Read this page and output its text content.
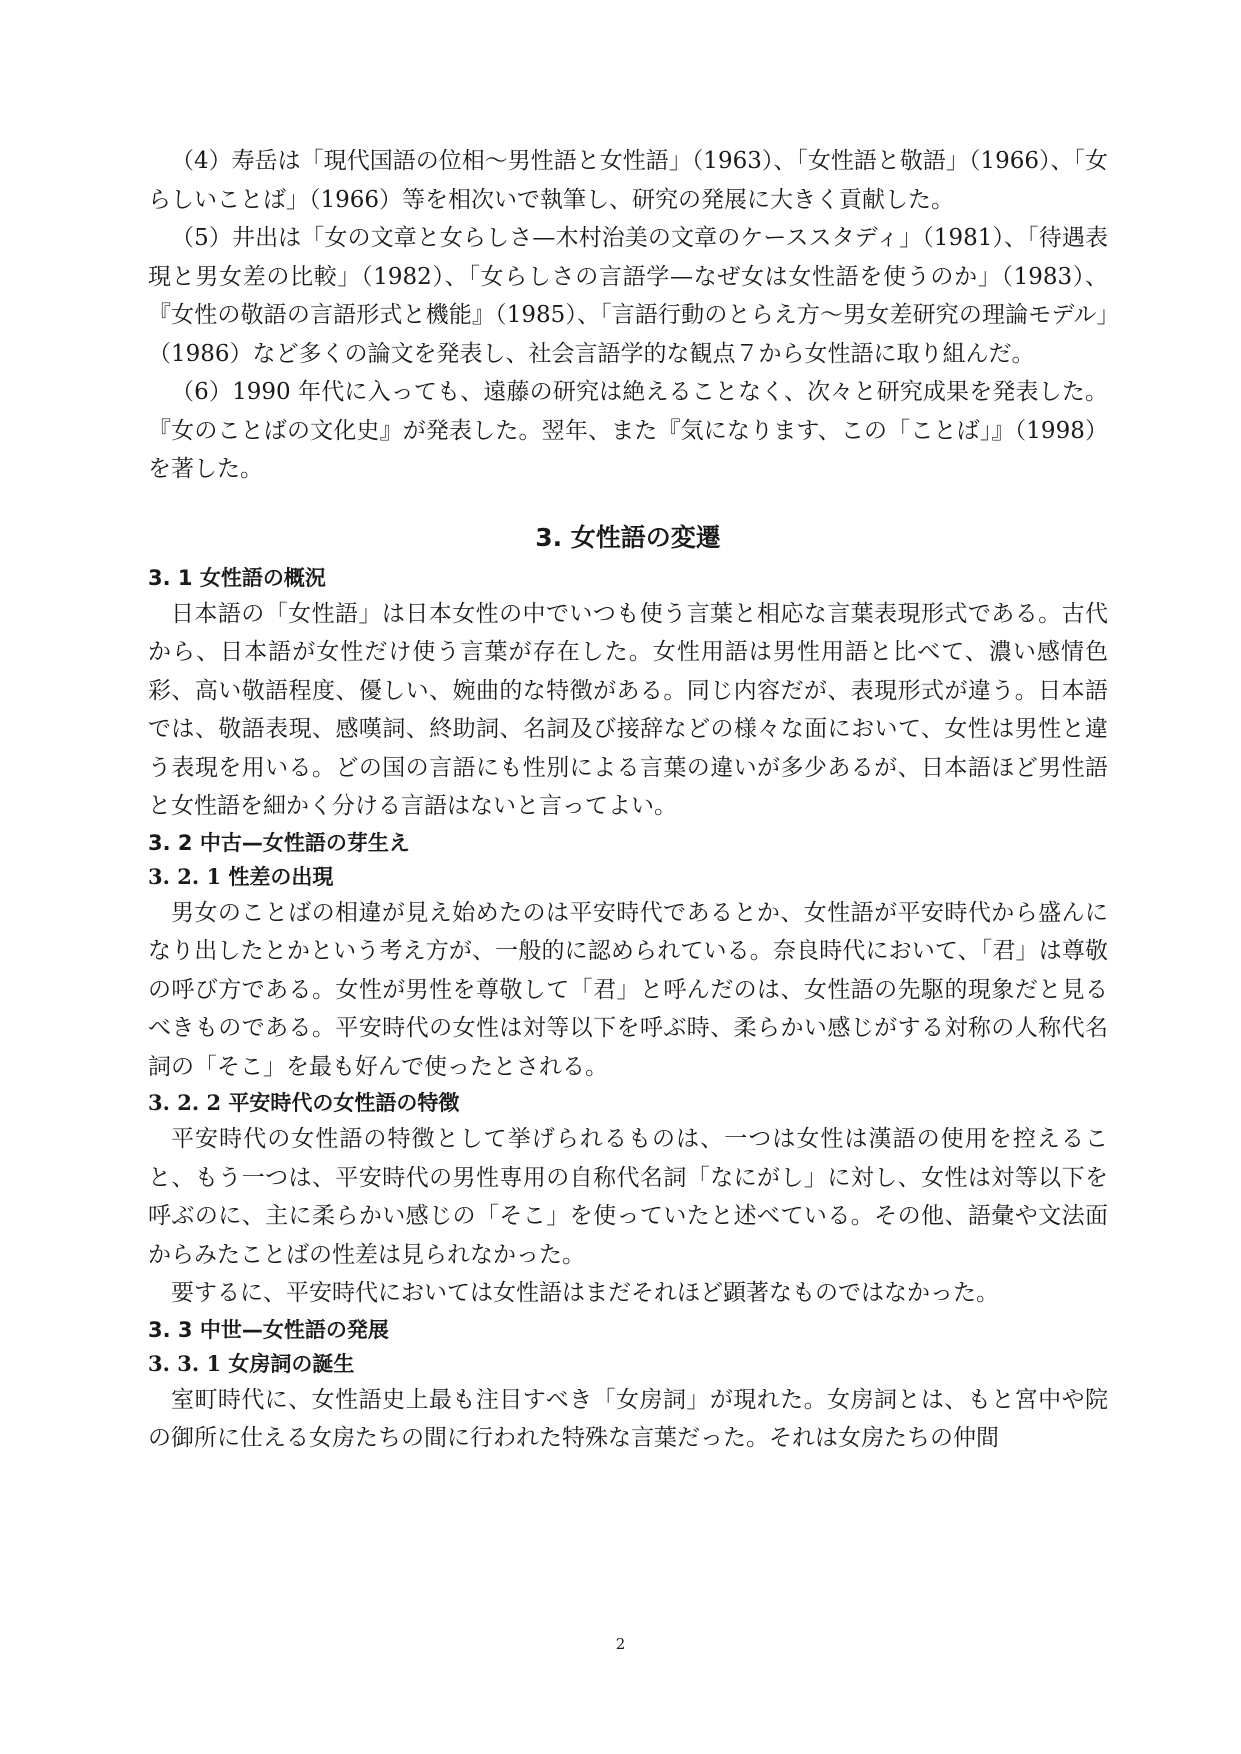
（4）寿岳は「現代国語の位相～男性語と女性語」（1963）、「女性語と敬語」（1966）、「女らしいことば」（1966）等を相次いで執筆し、研究の発展に大きく貢献した。

（5）井出は「女の文章と女らしさ—木村治美の文章のケーススタディ」（1981）、「待遇表現と男女差の比較」（1982）、「女らしさの言語学—なぜ女は女性語を使うのか」（1983）、『女性の敬語の言語形式と機能』（1985）、「言語行動のとらえ方～男女差研究の理論モデル」（1986）など多くの論文を発表し、社会言語学的な観点７から女性語に取り組んだ。

（6）1990 年代に入っても、遠藤の研究は絶えることなく、次々と研究成果を発表した。『女のことばの文化史』が発表した。翌年、また『気になります、この「ことば」』（1998）を著した。

3. 女性語の変遷
3. 1 女性語の概況

日本語の「女性語」は日本女性の中でいつも使う言葉と相応な言葉表現形式である。古代から、日本語が女性だけ使う言葉が存在した。女性用語は男性用語と比べて、濃い感情色彩、高い敬語程度、優しい、婉曲的な特徴がある。同じ内容だが、表現形式が違う。日本語では、敬語表現、感嘆詞、終助詞、名詞及び接辞などの様々な面において、女性は男性と違う表現を用いる。どの国の言語にも性別による言葉の違いが多少あるが、日本語ほど男性語と女性語を細かく分ける言語はないと言ってよい。

3. 2 中古—女性語の芽生え
3. 2. 1 性差の出現

男女のことばの相違が見え始めたのは平安時代であるとか、女性語が平安時代から盛んになり出したとかという考え方が、一般的に認められている。奈良時代において、「君」は尊敬の呼び方である。女性が男性を尊敬して「君」と呼んだのは、女性語の先駆的現象だと見るべきものである。平安時代の女性は対等以下を呼ぶ時、柔らかい感じがする対称の人称代名詞の「そこ」を最も好んで使ったとされる。

3. 2. 2 平安時代の女性語の特徴

平安時代の女性語の特徴として挙げられるものは、一つは女性は漢語の使用を控えること、もう一つは、平安時代の男性専用の自称代名詞「なにがし」に対し、女性は対等以下を呼ぶのに、主に柔らかい感じの「そこ」を使っていたと述べている。その他、語彙や文法面からみたことばの性差は見られなかった。

要するに、平安時代においては女性語はまだそれほど顕著なものではなかった。

3. 3 中世—女性語の発展
3. 3. 1 女房詞の誕生

室町時代に、女性語史上最も注目すべき「女房詞」が現れた。女房詞とは、もと宮中や院の御所に仕える女房たちの間に行われた特殊な言葉だった。それは女房たちの仲間

2
